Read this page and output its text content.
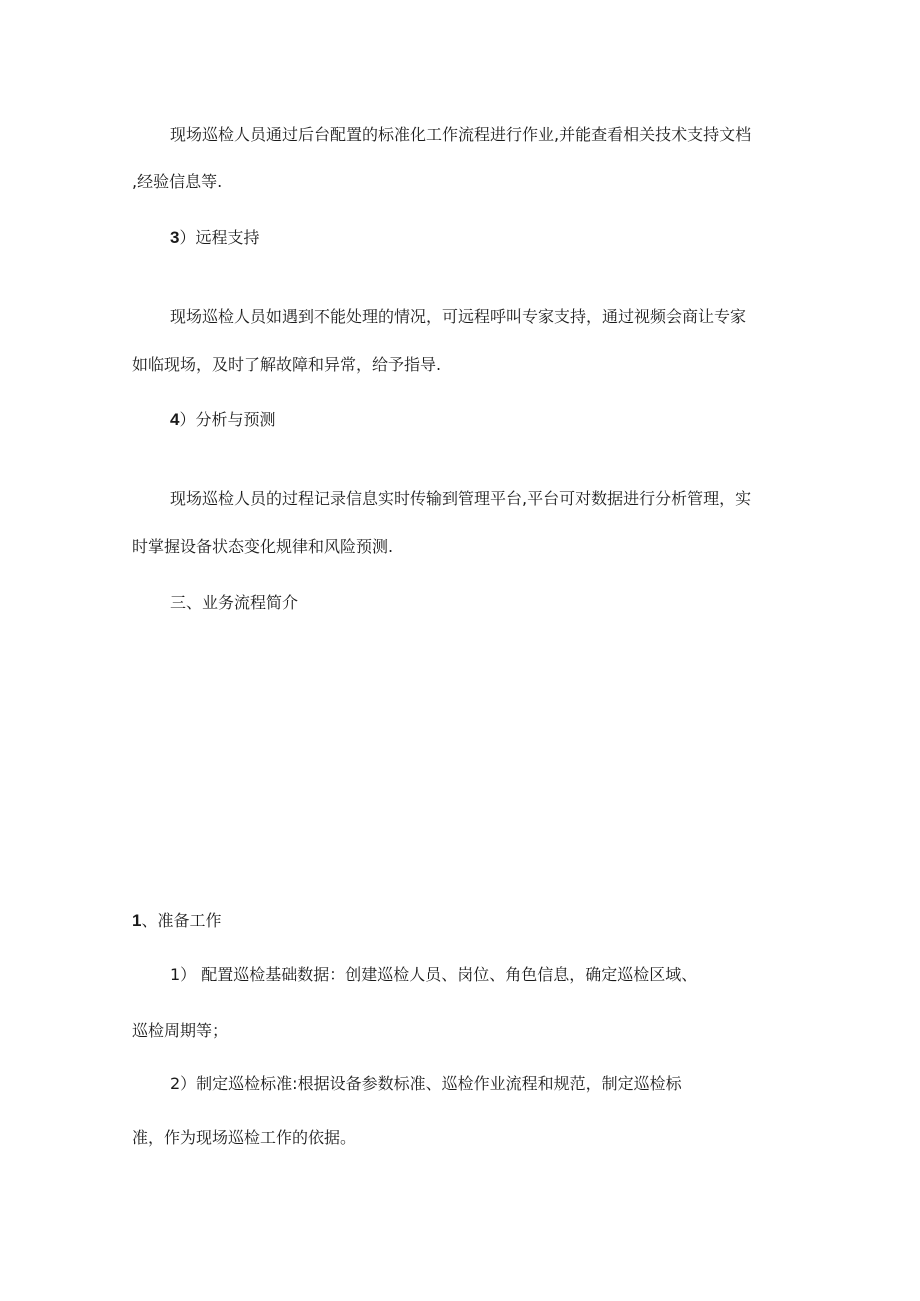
现场巡检人员通过后台配置的标准化工作流程进行作业,并能查看相关技术支持文档
,经验信息等.
3）远程支持
现场巡检人员如遇到不能处理的情况，可远程呼叫专家支持，通过视频会商让专家
如临现场，及时了解故障和异常，给予指导.
4）分析与预测
现场巡检人员的过程记录信息实时传输到管理平台,平台可对数据进行分析管理，实
时掌握设备状态变化规律和风险预测.
三、业务流程简介
1、准备工作
1） 配置巡检基础数据：创建巡检人员、岗位、角色信息，确定巡检区域、
巡检周期等；
2）制定巡检标准:根据设备参数标准、巡检作业流程和规范，制定巡检标
准，作为现场巡检工作的依据。
